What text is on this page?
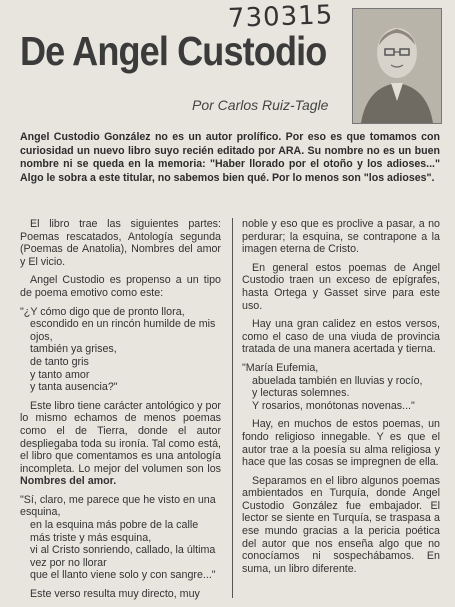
730315
De Angel Custodio
Por Carlos Ruiz-Tagle
Angel Custodio González no es un autor prolífico. Por eso es que tomamos con curiosidad un nuevo libro suyo recién editado por ARA. Su nombre no es un buen nombre ni se queda en la memoria: "Haber llorado por el otoño y los adioses..." Algo le sobra a este titular, no sabemos bien qué. Por lo menos son "los adioses".

El libro trae las siguientes partes: Poemas rescatados, Antología segunda (Poemas de Anatolia), Nombres del amor y El vicio.

Angel Custodio es propenso a un tipo de poema emotivo como este:

"¿Y cómo digo que de pronto llora,
escondido en un rincón humilde de mis ojos,
también ya grises,
de tanto gris
y tanto amor
y tanta ausencia?"

Este libro tiene carácter antológico y por lo mismo echamos de menos poemas como el de Tierra, donde el autor despliegaba toda su ironía. Tal como está, el libro que comentamos es una antología incompleta. Lo mejor del volumen son los Nombres del amor.

"Sí, claro, me parece que he visto en una esquina,
en la esquina más pobre de la calle más triste y más esquina,
vi al Cristo sonriendo, callado, la última vez por no llorar
que el llanto viene solo y con sangre..."

Este verso resulta muy directo, muy

noble y eso que es proclive a pasar, a no perdurar; la esquina, se contrapone a la imagen eterna de Cristo.

En general estos poemas de Angel Custodio traen un exceso de epígrafes, hasta Ortega y Gasset sirve para este uso.

Hay una gran calidez en estos versos, como el caso de una viuda de provincia tratada de una manera acertada y tierna.

"María Eufemia,
abuelada también en lluvias y rocío,
y lecturas solemnes.
Y rosarios, monótonas novenas..."

Hay, en muchos de estos poemas, un fondo religioso innegable. Y es que el autor trae a la poesía su alma religiosa y hace que las cosas se impregnen de ella.

Separamos en el libro algunos poemas ambientados en Turquía, donde Angel Custodio González fue embajador. El lector se siente en Turquía, se traspasa a ese mundo gracias a la pericia poética del autor que nos enseña algo que no conocíamos ni sospechábamos. En suma, un libro diferente.
